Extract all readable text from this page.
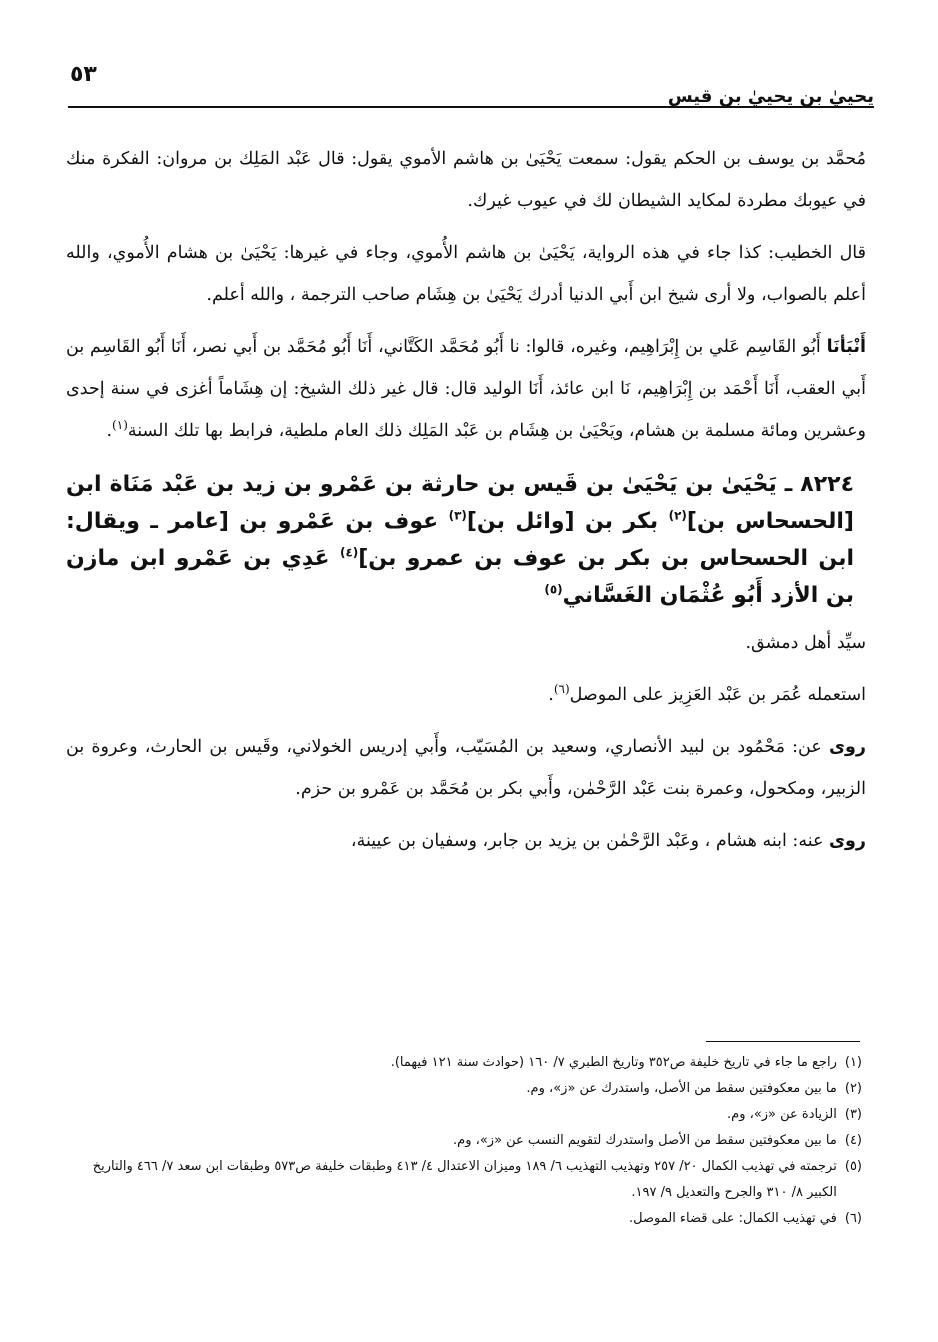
٥٣
يحييٰ بن يحييٰ بن قيس

مُحمَّد بن يوسف بن الحكم يقول: سمعت يَحْيَىٰ بن هاشم الأموي يقول: قال عَبْد المَلِك بن مروان: الفكرة منك في عيوبك مطردة لمكايد الشيطان لك في عيوب غيرك.

قال الخطيب: كذا جاء في هذه الرواية، يَحْيَىٰ بن هاشم الأُموي، وجاء في غيرها: يَحْيَىٰ بن هشام الأُموي، والله أعلم بالصواب، ولا أرى شيخ ابن أَبي الدنيا أدرك يَحْيَىٰ بن هِشَام صاحب الترجمة ، والله أعلم.

أَنْبَأنَا أَبُو القَاسِم عَلي بن إِبْرَاهِيم، وغيره، قالوا: نا أَبُو مُحَمَّد الكَتَّاني، أَنَا أَبُو مُحَمَّد بن أَبي نصر، أَنَا أَبُو القَاسِم بن أَبي العقب، أَنَا أَحْمَد بن إِبْرَاهِيم، نَا ابن عائذ، أَنَا الوليد قال: قال غير ذلك الشيخ: إن هِشَاماً أغزى في سنة إحدى وعشرين ومائة مسلمة بن هشام، ويَحْيَىٰ بن هِشَام بن عَبْد المَلِك ذلك العام ملطية، فرابط بها تلك السنة$^{(١)}$.

٨٢٢٤ ـ يَحْيَىٰ بن يَحْيَىٰ بن قَيس بن حارثة بن عَمْرو بن زيد بن عَبْد مَنَاة ابن [الحسحاس بن]$^{(٢)}$ بكر بن [وائل بن]$^{(٣)}$ عوف بن عَمْرو بن [عامر ـ ويقال: ابن الحسحاس بن بكر بن عوف بن عمرو بن]$^{(٤)}$ عَدِي بن عَمْرو ابن مازن بن الأزد أَبُو عُثْمَان الغَسَّاني$^{(٥)}$

سيِّد أهل دمشق.

استعمله عُمَر بن عَبْد العَزِيز على الموصل$^{(٦)}$.

روى عن: مَحْمُود بن لبيد الأنصاري، وسعيد بن المُسَيّب، وأَبي إدريس الخولاني، وقَيس بن الحارث، وعروة بن الزبير، ومكحول، وعمرة بنت عَبْد الرَّحْمٰن، وأَبي بكر بن مُحَمَّد بن عَمْرو بن حزم.

روى عنه: ابنه هشام ، وعَبْد الرَّحْمٰن بن يزيد بن جابر، وسفيان بن عيينة،

(١)
راجع ما جاء في تاريخ خليفة ص٣٥٢ وتاريخ الطبري ٧/ ١٦٠ (حوادث سنة ١٢١ فيهما).
(٢)
ما بين معكوفتين سقط من الأصل، واستدرك عن «ز»، وم.
(٣)
الزيادة عن «ز»، وم.
(٤)
ما بين معكوفتين سقط من الأصل واستدرك لتقويم النسب عن «ز»، وم.
(٥)
ترجمته في تهذيب الكمال ٢٠/ ٢٥٧ وتهذيب التهذيب ٦/ ١٨٩ وميزان الاعتدال ٤/ ٤١٣ وطبقات خليفة ص٥٧٣ وطبقات ابن سعد ٧/ ٤٦٦ والتاريخ الكبير ٨/ ٣١٠ والجرح والتعديل ٩/ ١٩٧.
(٦)
في تهذيب الكمال: على قضاء الموصل.
